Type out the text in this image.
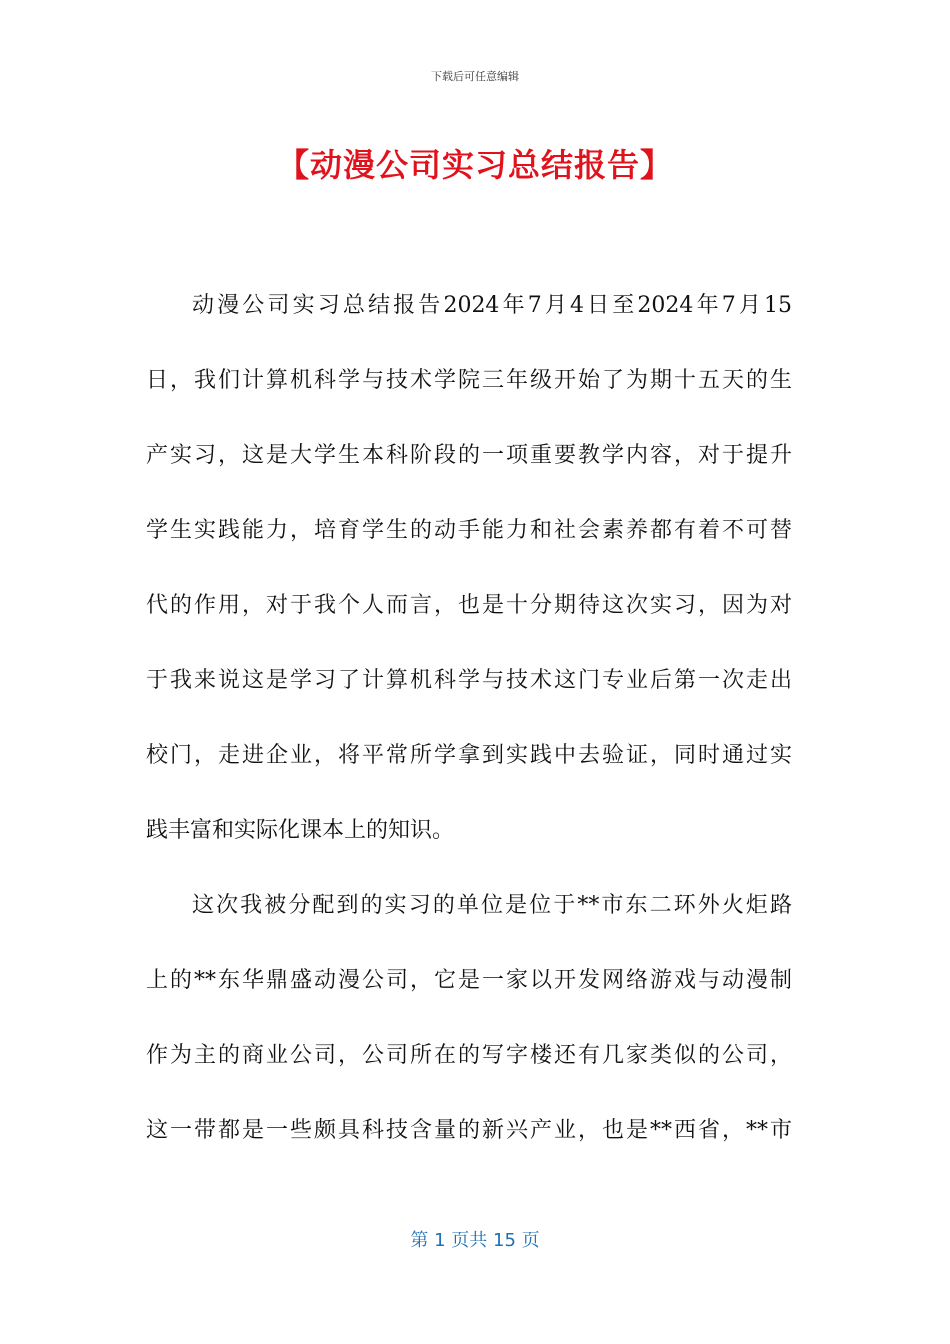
下载后可任意编辑
【动漫公司实习总结报告】
动漫公司实习总结报告2024年7月4日至2024年7月15
日，我们计算机科学与技术学院三年级开始了为期十五天的生
产实习，这是大学生本科阶段的一项重要教学内容，对于提升
学生实践能力，培育学生的动手能力和社会素养都有着不可替
代的作用，对于我个人而言，也是十分期待这次实习，因为对
于我来说这是学习了计算机科学与技术这门专业后第一次走出
校门，走进企业，将平常所学拿到实践中去验证，同时通过实
践丰富和实际化课本上的知识。
这次我被分配到的实习的单位是位于**市东二环外火炬路
上的**东华鼎盛动漫公司，它是一家以开发网络游戏与动漫制
作为主的商业公司，公司所在的写字楼还有几家类似的公司，
这一带都是一些颇具科技含量的新兴产业，也是**西省，**市
第 1 页共 15 页
